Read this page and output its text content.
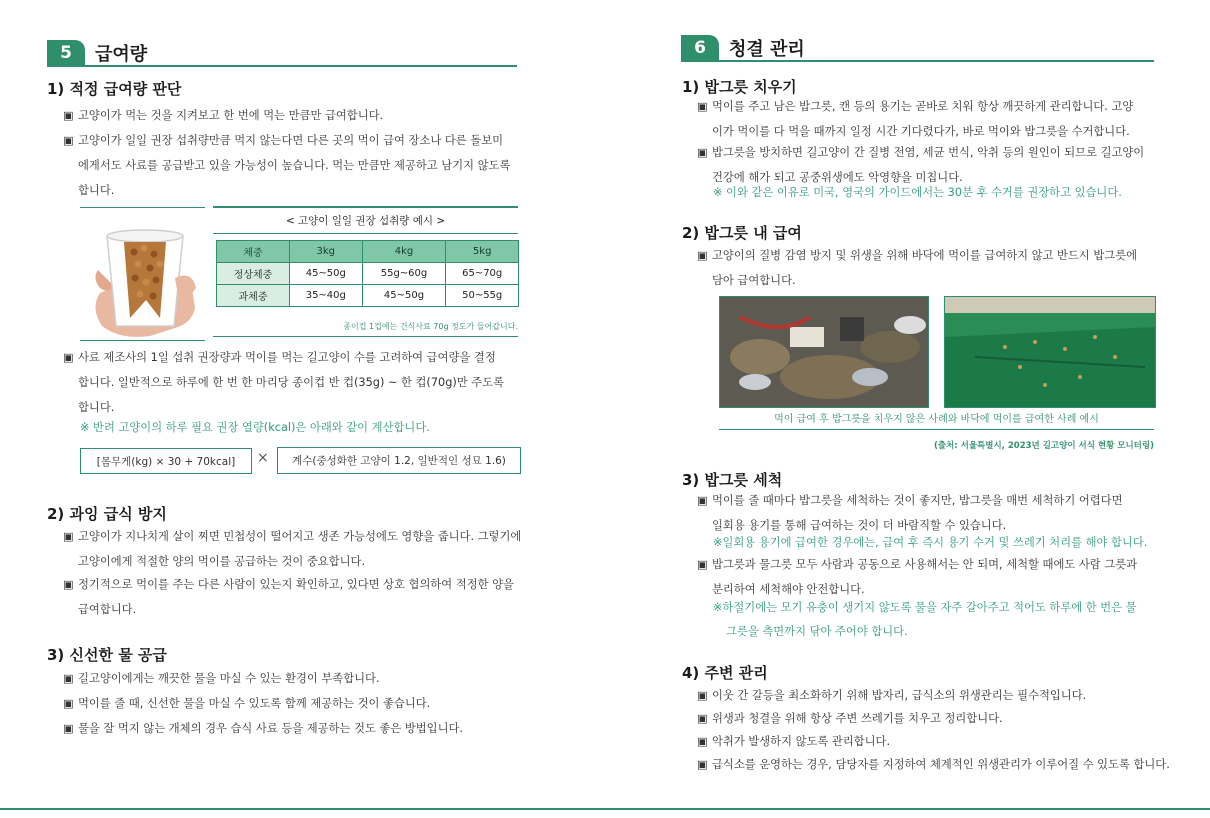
5	급여량
1) 적정 급여량 판단
▣ 고양이가 먹는 것을 지켜보고 한 번에 먹는 만큼만 급여합니다.
▣ 고양이가 일일 권장 섭취량만큼 먹지 않는다면 다른 곳의 먹이 급여 장소나 다른 돌보미
에게서도 사료를 공급받고 있을 가능성이 높습니다. 먹는 만큼만 제공하고 남기지 않도록
합니다.
< 고양이 일일 권장 섭취량 예시 >
체중	3kg	4kg	5kg
정상체중	45~50g	55g~60g	65~70g
과체중	35~40g	45~50g	50~55g
종이컵 1컵에는 건식사료 70g 정도가 들어갑니다.
▣ 사료 제조사의 1일 섭취 권장량과 먹이를 먹는 길고양이 수를 고려하여 급여량을 결정
합니다. 일반적으로 하루에 한 번 한 마리당 종이컵 반 컵(35g) ~ 한 컵(70g)만 주도록
합니다.
※ 반려 고양이의 하루 필요 권장 열량(kcal)은 아래와 같이 계산합니다.
[몸무게(kg) × 30 + 70kcal]	×	계수(중성화한 고양이 1.2, 일반적인 성묘 1.6)
2) 과잉 급식 방지
▣ 고양이가 지나치게 살이 찌면 민첩성이 떨어지고 생존 가능성에도 영향을 줍니다. 그렇기에
고양이에게 적절한 양의 먹이를 공급하는 것이 중요합니다.
▣ 정기적으로 먹이를 주는 다른 사람이 있는지 확인하고, 있다면 상호 협의하여 적정한 양을
급여합니다.
3) 신선한 물 공급
▣ 길고양이에게는 깨끗한 물을 마실 수 있는 환경이 부족합니다.
▣ 먹이를 줄 때, 신선한 물을 마실 수 있도록 함께 제공하는 것이 좋습니다.
▣ 물을 잘 먹지 않는 개체의 경우 습식 사료 등을 제공하는 것도 좋은 방법입니다.
6	청결 관리
1) 밥그릇 치우기
▣ 먹이를 주고 남은 밥그릇, 캔 등의 용기는 곧바로 치워 항상 깨끗하게 관리합니다. 고양
이가 먹이를 다 먹을 때까지 일정 시간 기다렸다가, 바로 먹이와 밥그릇을 수거합니다.
▣ 밥그릇을 방치하면 길고양이 간 질병 전염, 세균 번식, 악취 등의 원인이 되므로 길고양이
건강에 해가 되고 공중위생에도 악영향을 미칩니다.
※ 이와 같은 이유로 미국, 영국의 가이드에서는 30분 후 수거를 권장하고 있습니다.
2) 밥그릇 내 급여
▣ 고양이의 질병 감염 방지 및 위생을 위해 바닥에 먹이를 급여하지 않고 반드시 밥그릇에
담아 급여합니다.
먹이 급여 후 밥그릇을 치우지 않은 사례와 바닥에 먹이를 급여한 사례 예시
(출처: 서울특별시, 2023년 길고양이 서식 현황 모니터링)
3) 밥그릇 세척
▣ 먹이를 줄 때마다 밥그릇을 세척하는 것이 좋지만, 밥그릇을 매번 세척하기 어렵다면
일회용 용기를 통해 급여하는 것이 더 바람직할 수 있습니다.
※일회용 용기에 급여한 경우에는, 급여 후 즉시 용기 수거 및 쓰레기 처리를 해야 합니다.
▣ 밥그릇과 물그릇 모두 사람과 공동으로 사용해서는 안 되며, 세척할 때에도 사람 그릇과
분리하여 세척해야 안전합니다.
※하절기에는 모기 유충이 생기지 않도록 물을 자주 갈아주고 적어도 하루에 한 번은 물
그릇을 측면까지 닦아 주어야 합니다.
4) 주변 관리
▣ 이웃 간 갈등을 최소화하기 위해 밥자리, 급식소의 위생관리는 필수적입니다.
▣ 위생과 청결을 위해 항상 주변 쓰레기를 치우고 정리합니다.
▣ 악취가 발생하지 않도록 관리합니다.
▣ 급식소를 운영하는 경우, 담당자를 지정하여 체계적인 위생관리가 이루어질 수 있도록 합니다.
